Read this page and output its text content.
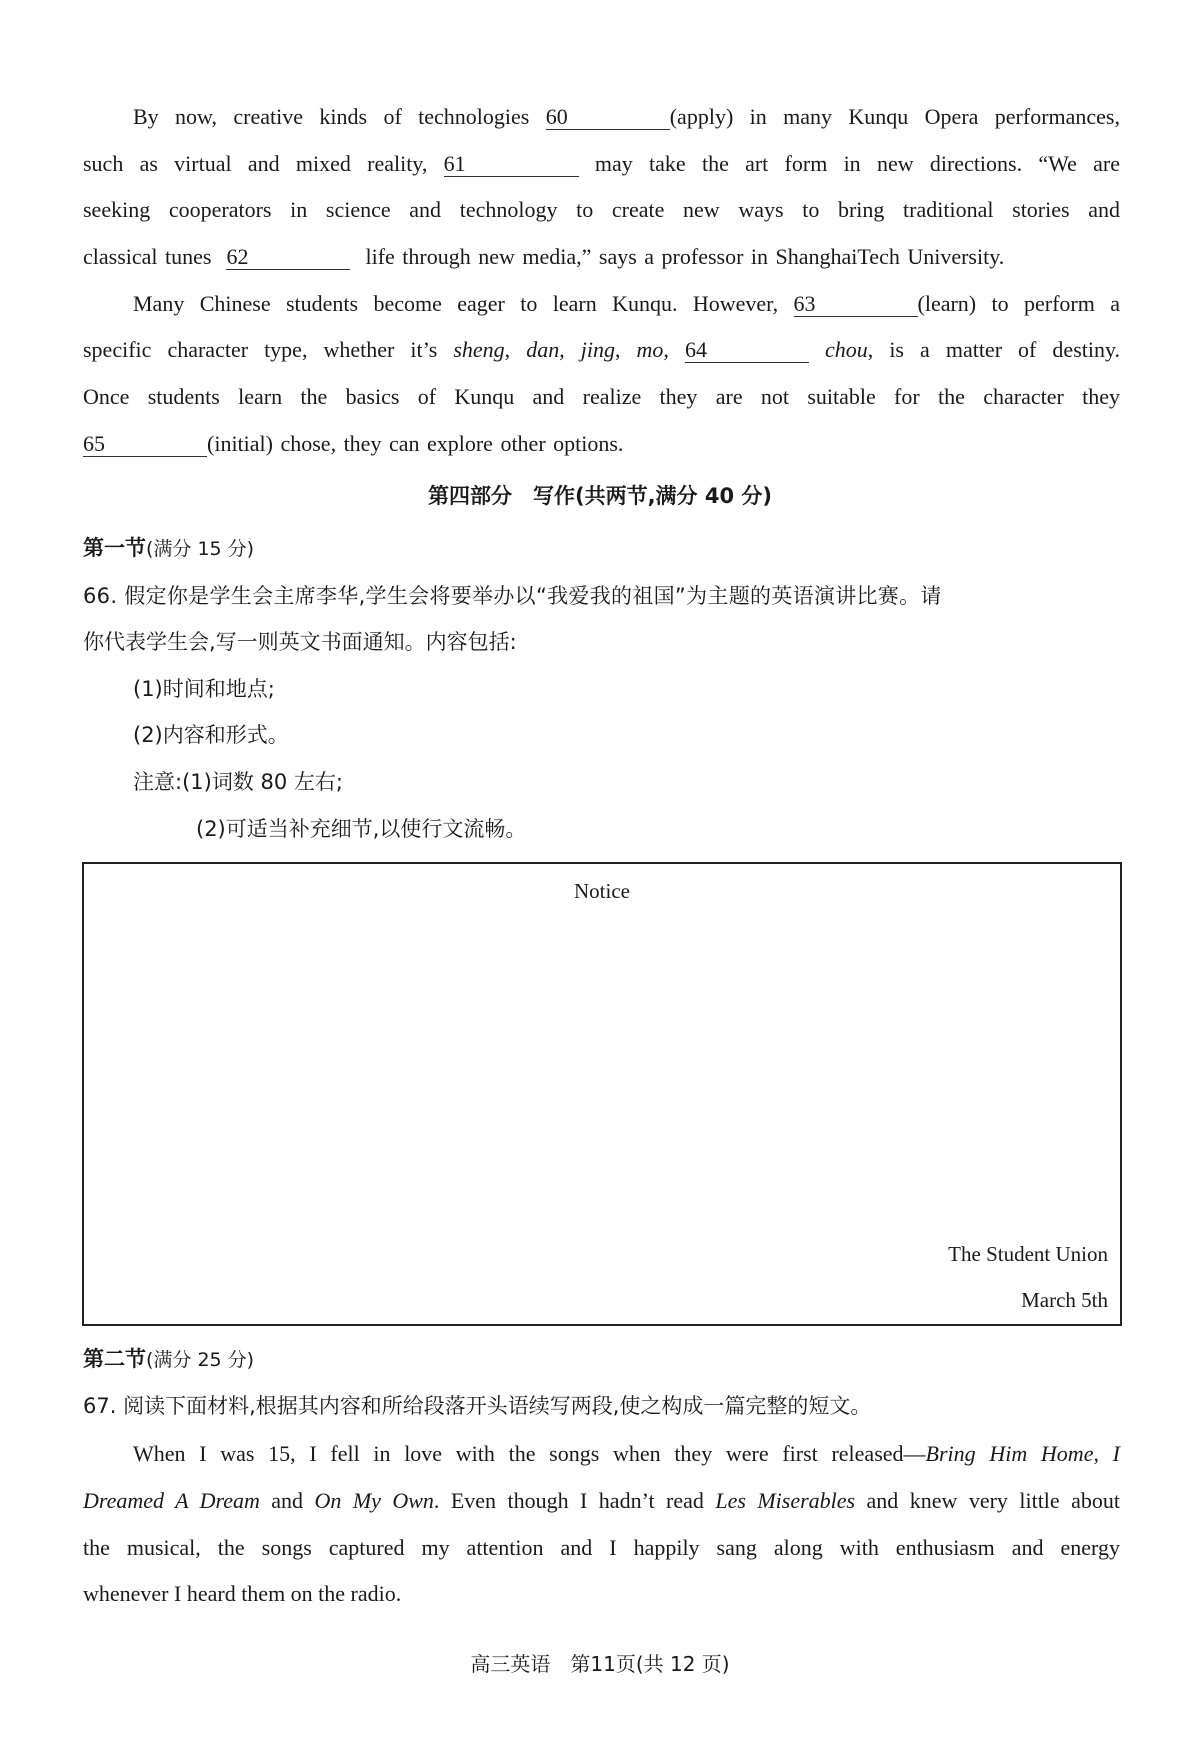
By now, creative kinds of technologies 60	(apply) in many Kunqu Opera performances,
such as virtual and mixed reality, 61	may take the art form in new directions. “We are
seeking cooperators in science and technology to create new ways to bring traditional stories and
classical tunes 62	life through new media,” says a professor in ShanghaiTech University.
Many Chinese students become eager to learn Kunqu. However, 63	(learn) to perform a
specific character type, whether it’s sheng, dan, jing, mo, 64	chou, is a matter of destiny.
Once students learn the basics of Kunqu and realize they are not suitable for the character they
65	(initial) chose, they can explore other options.
第四部分　写作(共两节,满分 40 分)
第一节(满分 15 分)
66. 假定你是学生会主席李华,学生会将要举办以“我爱我的祖国”为主题的英语演讲比赛。请
你代表学生会,写一则英文书面通知。内容包括:
(1)时间和地点;
(2)内容和形式。
注意:(1)词数 80 左右;
(2)可适当补充细节,以使行文流畅。
Notice
The Student Union
March 5th
第二节(满分 25 分)
67. 阅读下面材料,根据其内容和所给段落开头语续写两段,使之构成一篇完整的短文。
When I was 15, I fell in love with the songs when they were first released—Bring Him Home, I
Dreamed A Dream and On My Own. Even though I hadn’t read Les Miserables and knew very little about
the musical, the songs captured my attention and I happily sang along with enthusiasm and energy
whenever I heard them on the radio.
高三英语　第11页(共 12 页)
